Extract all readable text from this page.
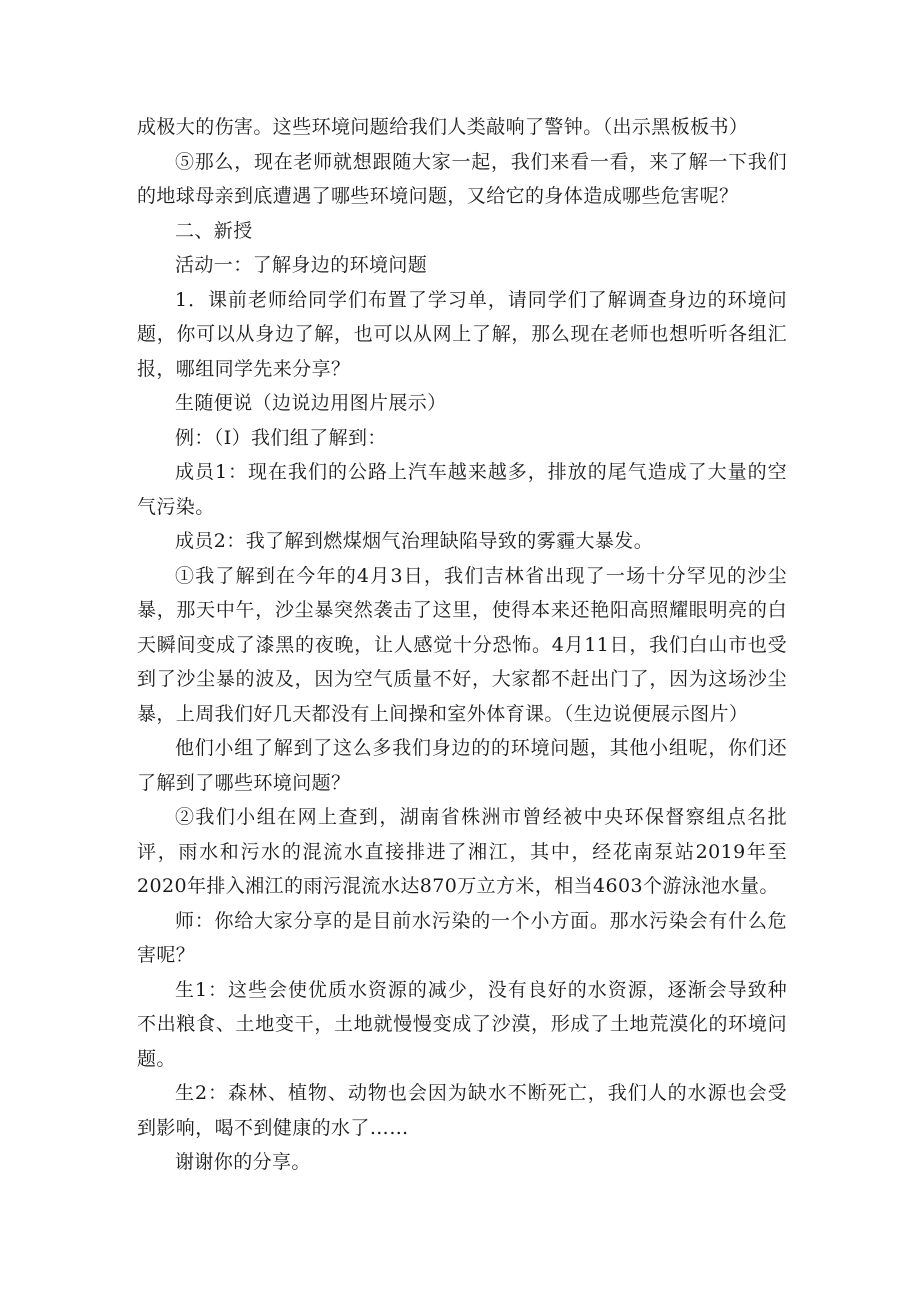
成极大的伤害。这些环境问题给我们人类敲响了警钟。（出示黑板板书）

⑤那么，现在老师就想跟随大家一起，我们来看一看，来了解一下我们的地球母亲到底遭遇了哪些环境问题，又给它的身体造成哪些危害呢？

二、新授

活动一：了解身边的环境问题

1．课前老师给同学们布置了学习单，请同学们了解调查身边的环境问题，你可以从身边了解，也可以从网上了解，那么现在老师也想听听各组汇报，哪组同学先来分享？

生随便说（边说边用图片展示）

例：（I）我们组了解到：

成员1：现在我们的公路上汽车越来越多，排放的尾气造成了大量的空气污染。

成员2：我了解到燃煤烟气治理缺陷导致的雾霾大暴发。

①我了解到在今年的4月3日，我们吉林省出现了一场十分罕见的沙尘暴，那天中午，沙尘暴突然袭击了这里，使得本来还艳阳高照耀眼明亮的白天瞬间变成了漆黑的夜晚，让人感觉十分恐怖。4月11日，我们白山市也受到了沙尘暴的波及，因为空气质量不好，大家都不赶出门了，因为这场沙尘暴，上周我们好几天都没有上间操和室外体育课。（生边说便展示图片）

他们小组了解到了这么多我们身边的的环境问题，其他小组呢，你们还了解到了哪些环境问题？

②我们小组在网上查到，湖南省株洲市曾经被中央环保督察组点名批评，雨水和污水的混流水直接排进了湘江，其中，经花南泵站2019年至2020年排入湘江的雨污混流水达870万立方米，相当4603个游泳池水量。

师：你给大家分享的是目前水污染的一个小方面。那水污染会有什么危害呢？

生1：这些会使优质水资源的减少，没有良好的水资源，逐渐会导致种不出粮食、土地变干，土地就慢慢变成了沙漠，形成了土地荒漠化的环境问题。

生2：森林、植物、动物也会因为缺水不断死亡，我们人的水源也会受到影响，喝不到健康的水了……

谢谢你的分享。
